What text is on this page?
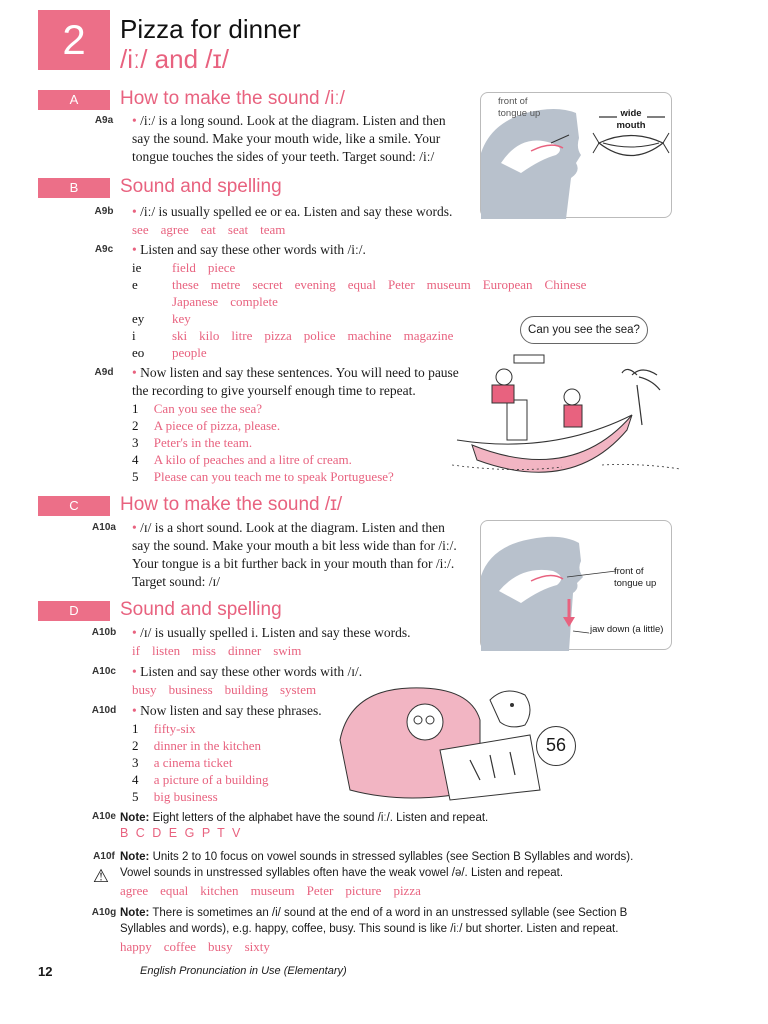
2	Pizza for dinner
/iː/ and /ɪ/
A	How to make the sound /iː/
A9a	• /iː/ is a long sound. Look at the diagram. Listen and then say the sound. Make your mouth wide, like a smile. Your tongue touches the sides of your teeth. Target sound: /iː/
front of tongue up	wide mouth
B	Sound and spelling
A9b	• /iː/ is usually spelled ee or ea. Listen and say these words.
see agree eat seat team
A9c	• Listen and say these other words with /iː/.
ie field piece
e	these metre secret evening equal Peter museum European Chinese
Japanese complete
ey key
i	ski kilo litre pizza police machine magazine
eo people
A9d	• Now listen and say these sentences. You will need to pause the recording to give yourself enough time to repeat.
1 Can you see the sea?
2 A piece of pizza, please.
3 Peter's in the team.
4 A kilo of peaches and a litre of cream.
5 Please can you teach me to speak Portuguese?
Can you see the sea?
C	How to make the sound /ɪ/
A10a • /ɪ/ is a short sound. Look at the diagram. Listen and then say the sound. Make your mouth a bit less wide than for /iː/. Your tongue is a bit further back in your mouth than for /iː/. Target sound: /ɪ/
front of tongue up
jaw down (a little)
D	Sound and spelling
A10b • /ɪ/ is usually spelled i. Listen and say these words.
if listen miss dinner swim
A10c • Listen and say these other words with /ɪ/.
busy business building system
A10d • Now listen and say these phrases.
1 fifty-six
2 dinner in the kitchen
3 a cinema ticket
4 a picture of a building
5 big business
56
A10e Note: Eight letters of the alphabet have the sound /iː/. Listen and repeat.
B C D E G P T V
A10f
⚠
Note: Units 2 to 10 focus on vowel sounds in stressed syllables (see Section B Syllables and words). Vowel sounds in unstressed syllables often have the weak vowel /ə/. Listen and repeat.
agree equal kitchen museum Peter picture pizza
A10g Note: There is sometimes an /i/ sound at the end of a word in an unstressed syllable (see Section B Syllables and words), e.g. happy, coffee, busy. This sound is like /iː/ but shorter. Listen and repeat.
happy coffee busy sixty
12	English Pronunciation in Use (Elementary)
